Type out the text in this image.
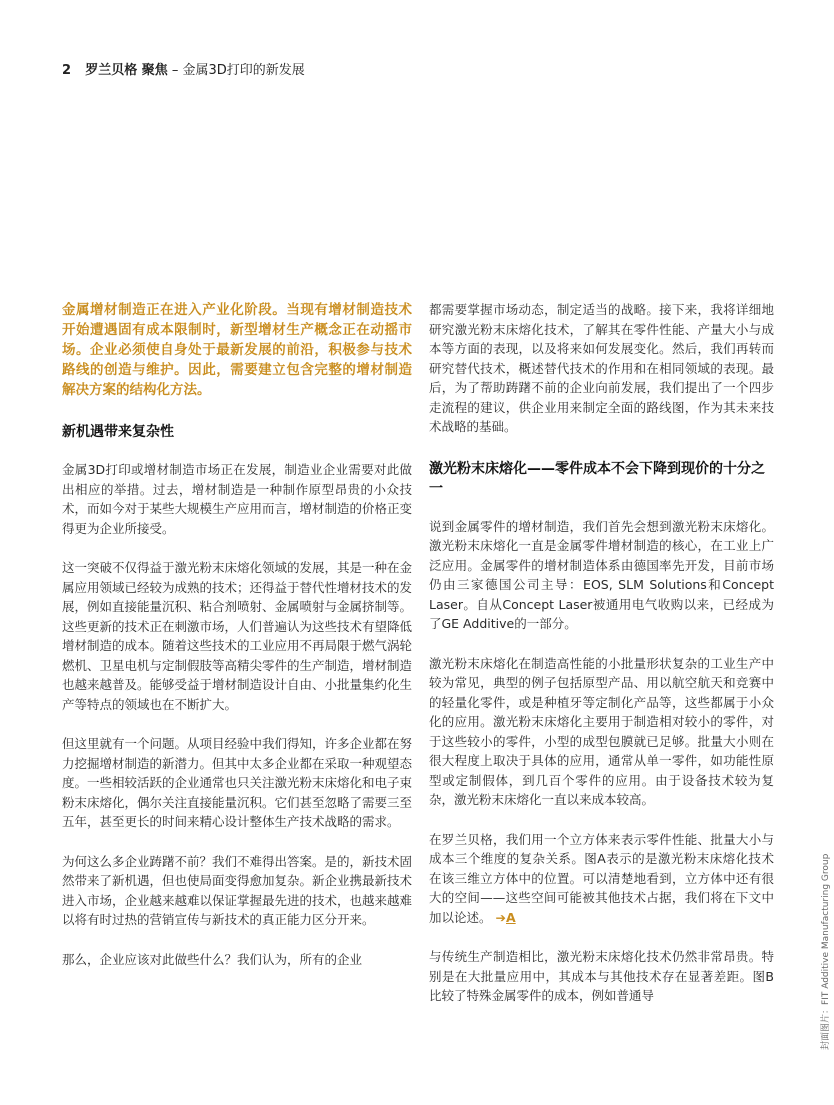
2 罗兰贝格 聚焦 – 金属3D打印的新发展

金属增材制造正在进入产业化阶段。当现有增材制造技术开始遭遇固有成本限制时，新型增材生产概念正在动摇市场。企业必须使自身处于最新发展的前沿，积极参与技术路线的创造与维护。因此，需要建立包含完整的增材制造解决方案的结构化方法。

新机遇带来复杂性

金属3D打印或增材制造市场正在发展，制造业企业需要对此做出相应的举措。过去，增材制造是一种制作原型昂贵的小众技术，而如今对于某些大规模生产应用而言，增材制造的价格正变得更为企业所接受。

这一突破不仅得益于激光粉末床熔化领域的发展，其是一种在金属应用领域已经较为成熟的技术；还得益于替代性增材技术的发展，例如直接能量沉积、粘合剂喷射、金属喷射与金属挤制等。这些更新的技术正在刺激市场，人们普遍认为这些技术有望降低增材制造的成本。随着这些技术的工业应用不再局限于燃气涡轮燃机、卫星电机与定制假肢等高精尖零件的生产制造，增材制造也越来越普及。能够受益于增材制造设计自由、小批量集约化生产等特点的领域也在不断扩大。

但这里就有一个问题。从项目经验中我们得知，许多企业都在努力挖掘增材制造的新潜力。但其中太多企业都在采取一种观望态度。一些相较活跃的企业通常也只关注激光粉末床熔化和电子束粉末床熔化，偶尔关注直接能量沉积。它们甚至忽略了需要三至五年，甚至更长的时间来精心设计整体生产技术战略的需求。

为何这么多企业踌躇不前？我们不难得出答案。是的，新技术固然带来了新机遇，但也使局面变得愈加复杂。新企业携最新技术进入市场，企业越来越难以保证掌握最先进的技术，也越来越难以将有时过热的营销宣传与新技术的真正能力区分开来。

那么，企业应该对此做些什么？我们认为，所有的企业

都需要掌握市场动态，制定适当的战略。接下来，我将详细地研究激光粉末床熔化技术，了解其在零件性能、产量大小与成本等方面的表现，以及将来如何发展变化。然后，我们再转而研究替代技术，概述替代技术的作用和在相同领域的表现。最后，为了帮助踌躇不前的企业向前发展，我们提出了一个四步走流程的建议，供企业用来制定全面的路线图，作为其未来技术战略的基础。

激光粉末床熔化——零件成本不会下降到现价的十分之一

说到金属零件的增材制造，我们首先会想到激光粉末床熔化。激光粉末床熔化一直是金属零件增材制造的核心，在工业上广泛应用。金属零件的增材制造体系由德国率先开发，目前市场仍由三家德国公司主导：EOS, SLM Solutions和Concept Laser。自从Concept Laser被通用电气收购以来，已经成为了GE Additive的一部分。

激光粉末床熔化在制造高性能的小批量形状复杂的工业生产中较为常见，典型的例子包括原型产品、用以航空航天和竞赛中的轻量化零件，或是种植牙等定制化产品等，这些都属于小众化的应用。激光粉末床熔化主要用于制造相对较小的零件，对于这些较小的零件，小型的成型包膜就已足够。批量大小则在很大程度上取决于具体的应用，通常从单一零件，如功能性原型或定制假体，到几百个零件的应用。由于设备技术较为复杂，激光粉末床熔化一直以来成本较高。

在罗兰贝格，我们用一个立方体来表示零件性能、批量大小与成本三个维度的复杂关系。图A表示的是激光粉末床熔化技术在该三维立方体中的位置。可以清楚地看到，立方体中还有很大的空间——这些空间可能被其他技术占据，我们将在下文中加以论述。 ➔A

与传统生产制造相比，激光粉末床熔化技术仍然非常昂贵。特别是在大批量应用中，其成本与其他技术存在显著差距。图B比较了特殊金属零件的成本，例如普通导	封面图片：FIT Additive Manufacturing Group
